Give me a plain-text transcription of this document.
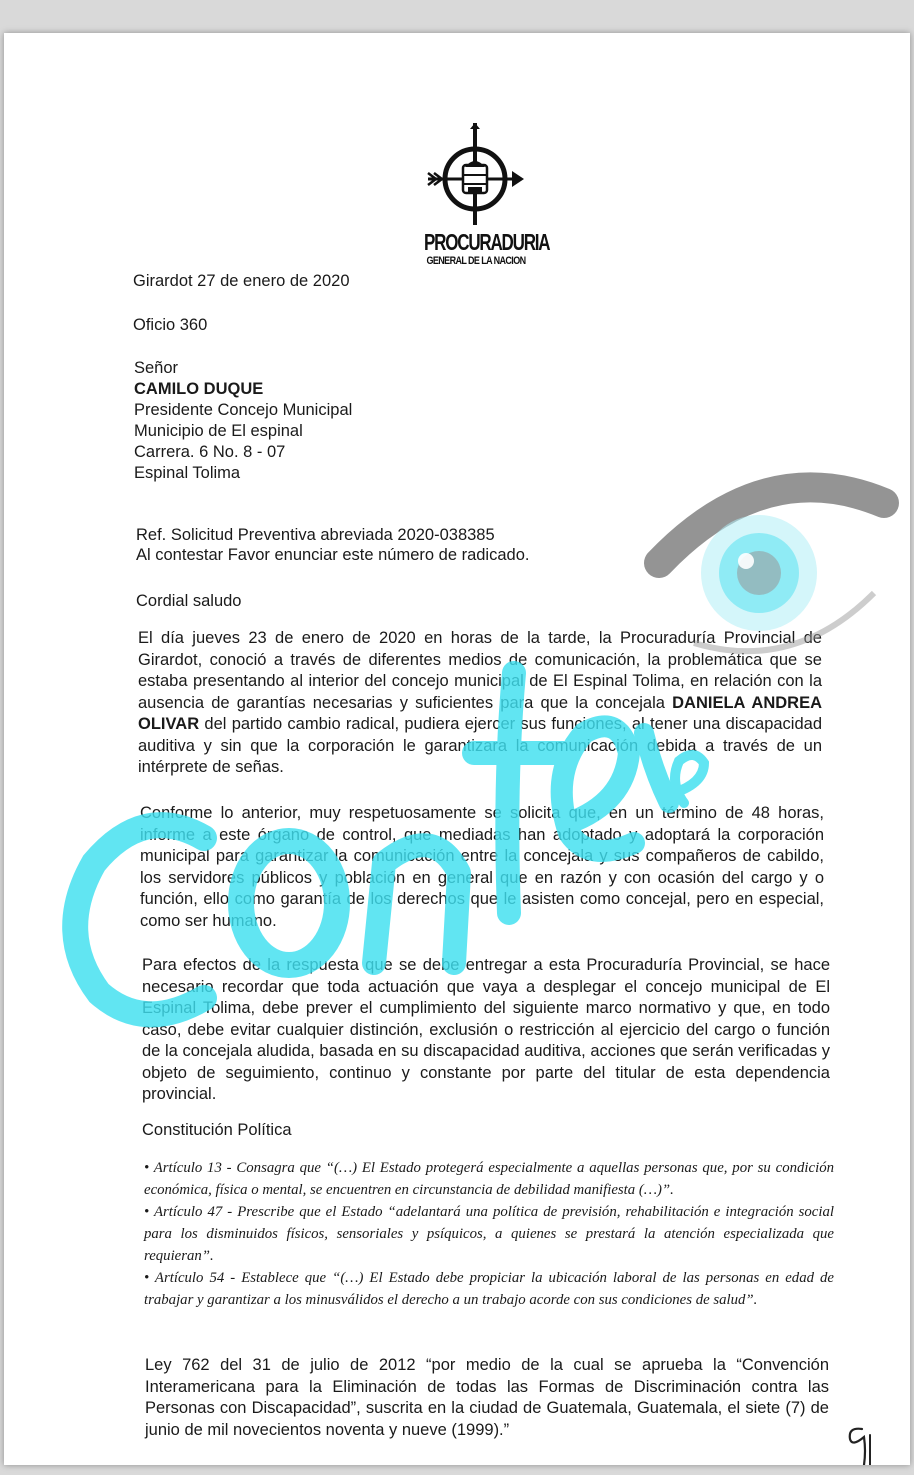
PROCURADURIA
GENERAL DE LA NACION
Girardot 27 de enero de 2020
Oficio 360
Señor
CAMILO DUQUE
Presidente Concejo Municipal
Municipio de El espinal
Carrera. 6 No. 8 - 07
Espinal Tolima
Ref. Solicitud Preventiva abreviada 2020-038385
Al contestar Favor enunciar este número de radicado.
Cordial saludo
El día jueves 23 de enero de 2020 en horas de la tarde, la Procuraduría Provincial de Girardot, conoció a través de diferentes medios de comunicación, la problemática que se estaba presentando al interior del concejo municipal de El Espinal Tolima, en relación con la ausencia de garantías necesarias y suficientes para que la concejala DANIELA ANDREA OLIVAR del partido cambio radical, pudiera ejercer sus funciones, al tener una discapacidad auditiva y sin que la corporación le garantizara la comunicación debida a través de un intérprete de señas.
Conforme lo anterior, muy respetuosamente se solicita que, en un término de 48 horas, informe a este órgano de control, que mediadas han adoptado y adoptará la corporación municipal para garantizar la comunicación entre la concejala y sus compañeros de cabildo, los servidores públicos y población en general que en razón y con ocasión del cargo y o función, ello como garantía de los derechos que le asisten como concejal, pero en especial, como ser humano.
Para efectos de la respuesta que se debe entregar a esta Procuraduría Provincial, se hace necesario recordar que toda actuación que vaya a desplegar el concejo municipal de El Espinal Tolima, debe prever el cumplimiento del siguiente marco normativo y que, en todo caso, debe evitar cualquier distinción, exclusión o restricción al ejercicio del cargo o función de la concejala aludida, basada en su discapacidad auditiva, acciones que serán verificadas y objeto de seguimiento, continuo y constante por parte del titular de esta dependencia provincial.
Constitución Política
• Artículo 13 - Consagra que “(…) El Estado protegerá especialmente a aquellas personas que, por su condición económica, física o mental, se encuentren en circunstancia de debilidad manifiesta (…)”.
• Artículo 47 - Prescribe que el Estado “adelantará una política de previsión, rehabilitación e integración social para los disminuidos físicos, sensoriales y psíquicos, a quienes se prestará la atención especializada que requieran”.
• Artículo 54 - Establece que “(…) El Estado debe propiciar la ubicación laboral de las personas en edad de trabajar y garantizar a los minusválidos el derecho a un trabajo acorde con sus condiciones de salud”.
Ley 762 del 31 de julio de 2012 “por medio de la cual se aprueba la “Convención Interamericana para la Eliminación de todas las Formas de Discriminación contra las Personas con Discapacidad”, suscrita en la ciudad de Guatemala, Guatemala, el siete (7) de junio de mil novecientos noventa y nueve (1999).”
